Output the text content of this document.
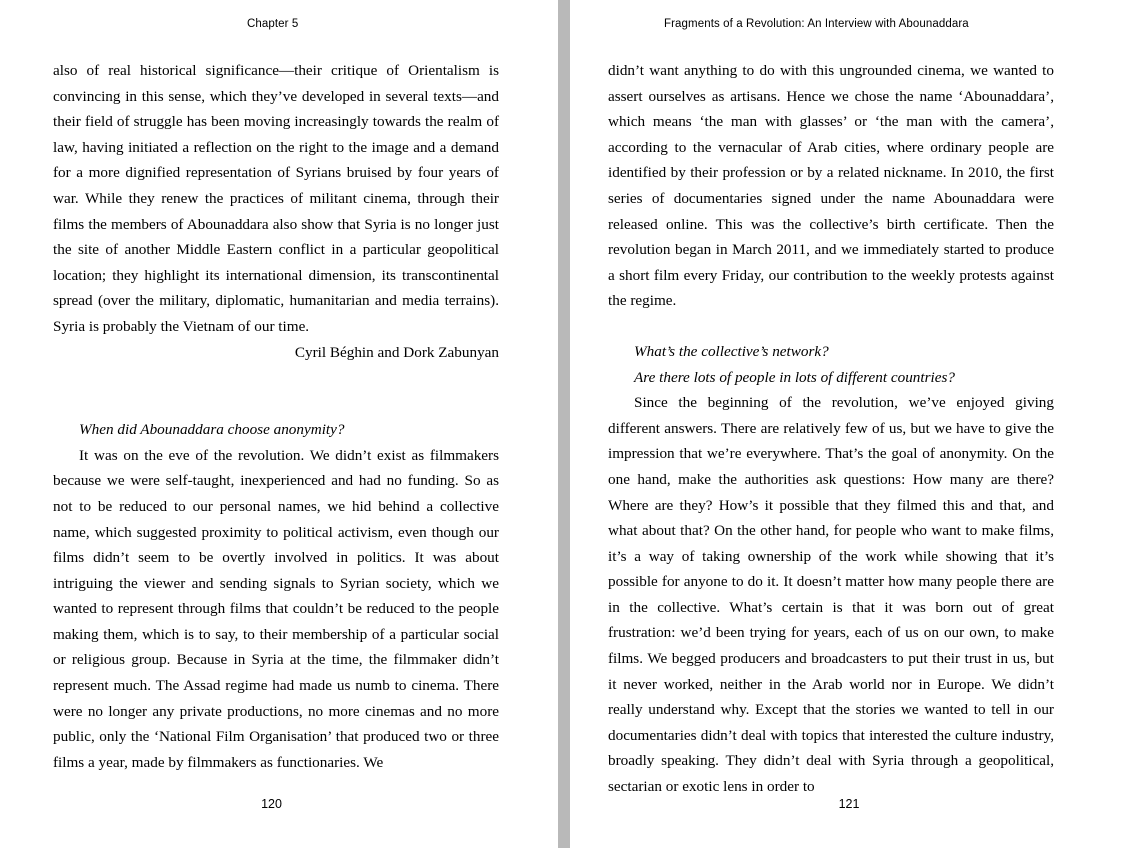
Chapter 5

also of real historical significance—their critique of Orientalism is convincing in this sense, which they’ve developed in several texts—and their field of struggle has been moving increasingly towards the realm of law, having initiated a reflection on the right to the image and a demand for a more dignified representation of Syrians bruised by four years of war. While they renew the practices of militant cinema, through their films the members of Abounaddara also show that Syria is no longer just the site of another Middle Eastern conflict in a particular geopolitical location; they highlight its international dimension, its transcontinental spread (over the military, diplomatic, humanitarian and media terrains). Syria is probably the Vietnam of our time.

Cyril Béghin and Dork Zabunyan

When did Abounaddara choose anonymity?

It was on the eve of the revolution. We didn’t exist as filmmakers because we were self-taught, inexperienced and had no funding. So as not to be reduced to our personal names, we hid behind a collective name, which suggested proximity to political activism, even though our films didn’t seem to be overtly involved in politics. It was about intriguing the viewer and sending signals to Syrian society, which we wanted to represent through films that couldn’t be reduced to the people making them, which is to say, to their membership of a particular social or religious group. Because in Syria at the time, the filmmaker didn’t represent much. The Assad regime had made us numb to cinema. There were no longer any private productions, no more cinemas and no more public, only the ‘National Film Organisation’ that produced two or three films a year, made by filmmakers as functionaries. We

120
Fragments of a Revolution: An Interview with Abounaddara

didn’t want anything to do with this ungrounded cinema, we wanted to assert ourselves as artisans. Hence we chose the name ‘Abounaddara’, which means ‘the man with glasses’ or ‘the man with the camera’, according to the vernacular of Arab cities, where ordinary people are identified by their profession or by a related nickname. In 2010, the first series of documentaries signed under the name Abounaddara were released online. This was the collective’s birth certificate. Then the revolution began in March 2011, and we immediately started to produce a short film every Friday, our contribution to the weekly protests against the regime.

What’s the collective’s network?

Are there lots of people in lots of different countries?

Since the beginning of the revolution, we’ve enjoyed giving different answers. There are relatively few of us, but we have to give the impression that we’re everywhere. That’s the goal of anonymity. On the one hand, make the authorities ask questions: How many are there? Where are they? How’s it possible that they filmed this and that, and what about that? On the other hand, for people who want to make films, it’s a way of taking ownership of the work while showing that it’s possible for anyone to do it. It doesn’t matter how many people there are in the collective. What’s certain is that it was born out of great frustration: we’d been trying for years, each of us on our own, to make films. We begged producers and broadcasters to put their trust in us, but it never worked, neither in the Arab world nor in Europe. We didn’t really understand why. Except that the stories we wanted to tell in our documentaries didn’t deal with topics that interested the culture industry, broadly speaking. They didn’t deal with Syria through a geopolitical, sectarian or exotic lens in order to

121
